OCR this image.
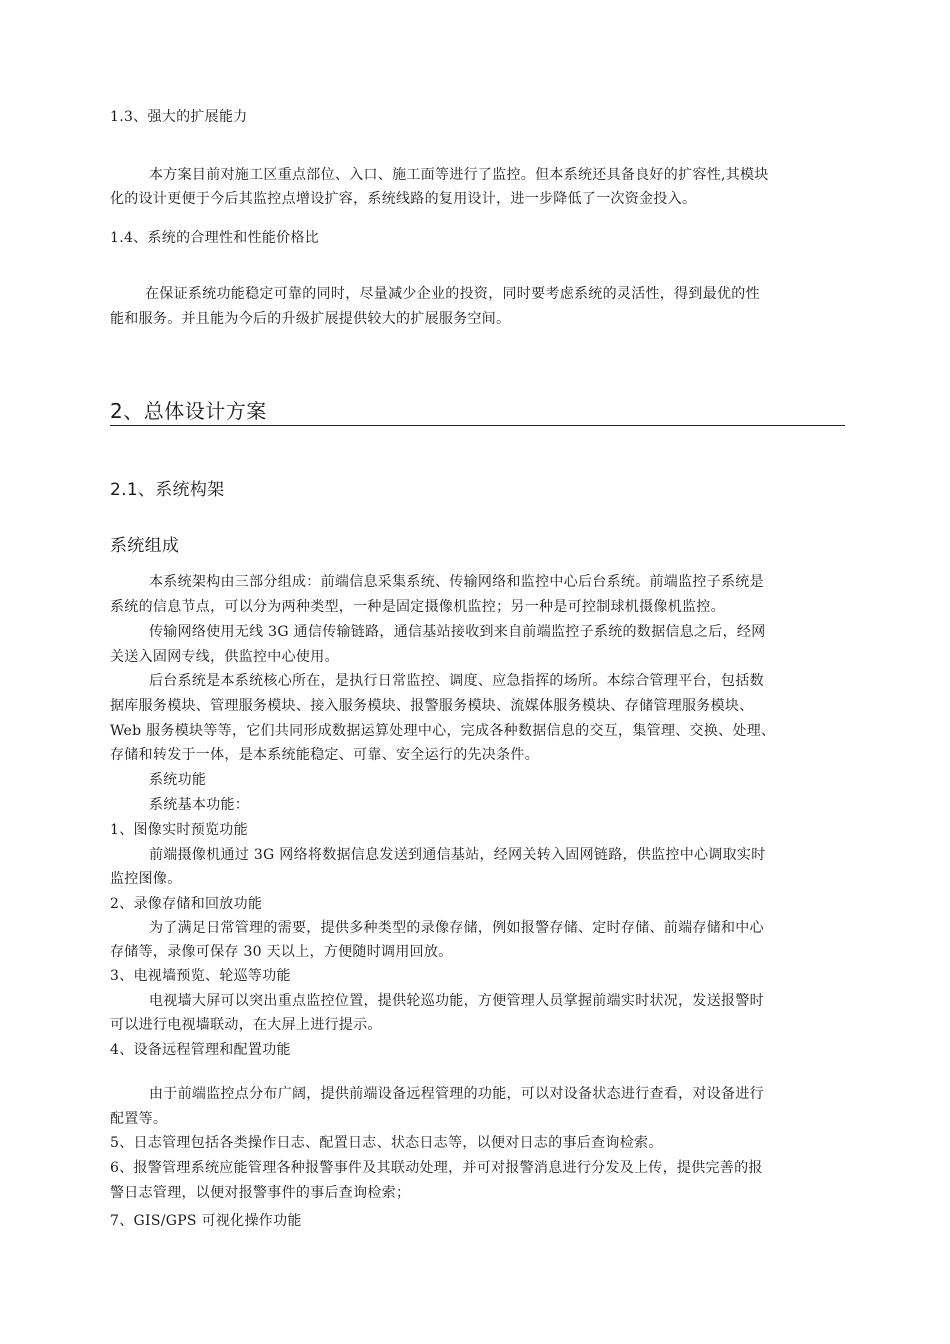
1.3、强大的扩展能力
本方案目前对施工区重点部位、入口、施工面等进行了监控。但本系统还具备良好的扩容性,其模块
化的设计更便于今后其监控点增设扩容，系统线路的复用设计，进一步降低了一次资金投入。
1.4、系统的合理性和性能价格比
在保证系统功能稳定可靠的同时，尽量减少企业的投资，同时要考虑系统的灵活性，得到最优的性
能和服务。并且能为今后的升级扩展提供较大的扩展服务空间。
2、总体设计方案
2.1、系统构架
系统组成
本系统架构由三部分组成：前端信息采集系统、传输网络和监控中心后台系统。前端监控子系统是
系统的信息节点，可以分为两种类型，一种是固定摄像机监控；另一种是可控制球机摄像机监控。
传输网络使用无线 3G 通信传输链路，通信基站接收到来自前端监控子系统的数据信息之后，经网
关送入固网专线，供监控中心使用。
后台系统是本系统核心所在，是执行日常监控、调度、应急指挥的场所。本综合管理平台，包括数
据库服务模块、管理服务模块、接入服务模块、报警服务模块、流媒体服务模块、存储管理服务模块、
Web 服务模块等等，它们共同形成数据运算处理中心，完成各种数据信息的交互，集管理、交换、处理、
存储和转发于一体，是本系统能稳定、可靠、安全运行的先决条件。
系统功能
系统基本功能：
1、图像实时预览功能
前端摄像机通过 3G 网络将数据信息发送到通信基站，经网关转入固网链路，供监控中心调取实时
监控图像。
2、录像存储和回放功能
为了满足日常管理的需要，提供多种类型的录像存储，例如报警存储、定时存储、前端存储和中心
存储等，录像可保存 30 天以上，方便随时调用回放。
3、电视墙预览、轮巡等功能
电视墙大屏可以突出重点监控位置，提供轮巡功能，方便管理人员掌握前端实时状况，发送报警时
可以进行电视墙联动，在大屏上进行提示。
4、设备远程管理和配置功能
由于前端监控点分布广阔，提供前端设备远程管理的功能，可以对设备状态进行查看，对设备进行
配置等。
5、日志管理包括各类操作日志、配置日志、状态日志等，以便对日志的事后查询检索。
6、报警管理系统应能管理各种报警事件及其联动处理，并可对报警消息进行分发及上传，提供完善的报
警日志管理，以便对报警事件的事后查询检索；
7、GIS/GPS 可视化操作功能
